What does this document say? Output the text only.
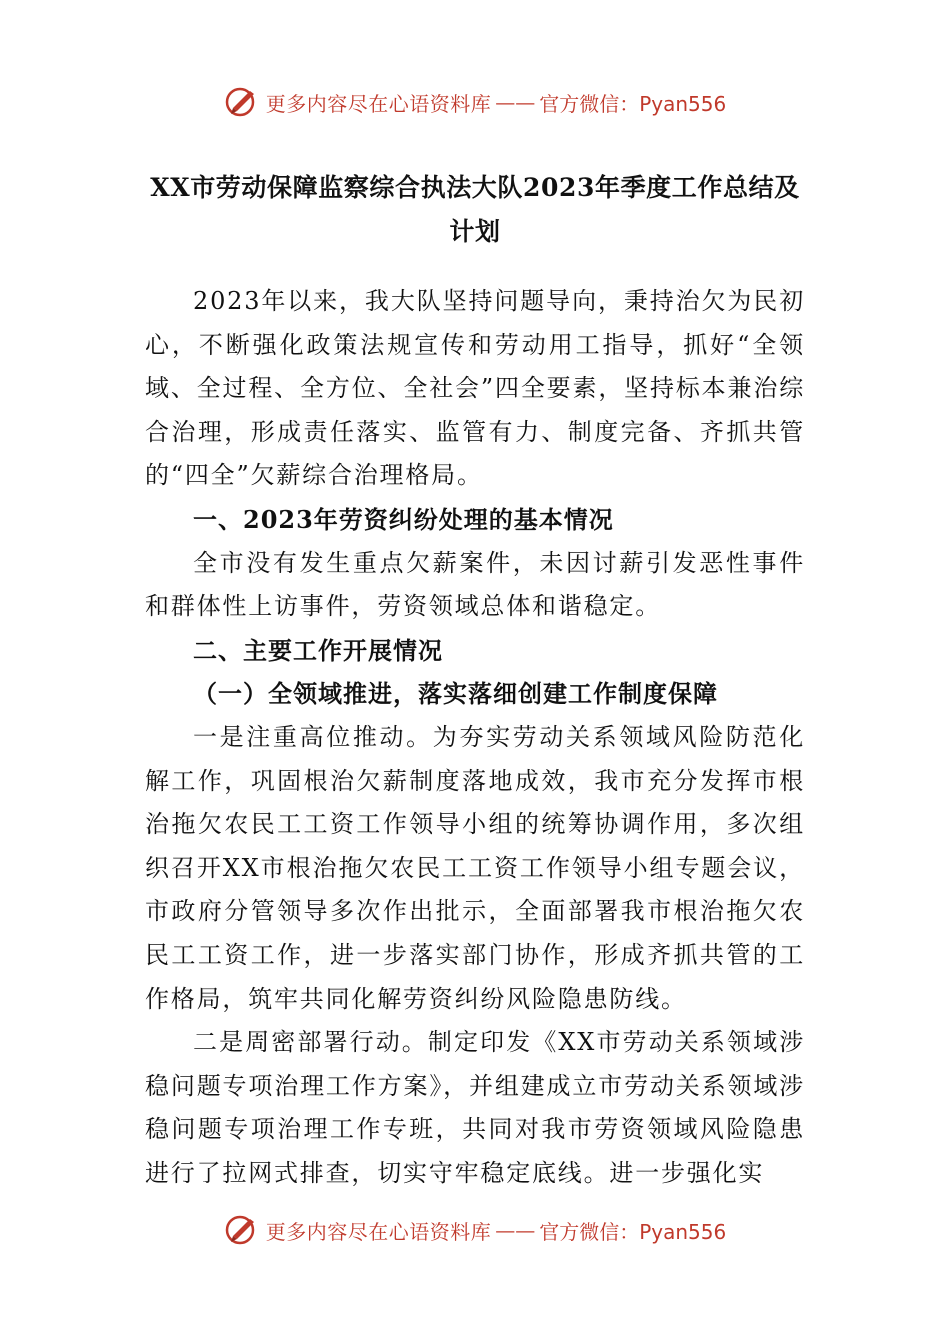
更多内容尽在心语资料库 —— 官方微信：Pyan556
XX市劳动保障监察综合执法大队2023年季度工作总结及计划

2023年以来，我大队坚持问题导向，秉持治欠为民初心，不断强化政策法规宣传和劳动用工指导，抓好“全领域、全过程、全方位、全社会”四全要素，坚持标本兼治综合治理，形成责任落实、监管有力、制度完备、齐抓共管的“四全”欠薪综合治理格局。

一、2023年劳资纠纷处理的基本情况

全市没有发生重点欠薪案件，未因讨薪引发恶性事件和群体性上访事件，劳资领域总体和谐稳定。

二、主要工作开展情况

（一）全领域推进，落实落细创建工作制度保障

一是注重高位推动。为夯实劳动关系领域风险防范化解工作，巩固根治欠薪制度落地成效，我市充分发挥市根治拖欠农民工工资工作领导小组的统筹协调作用，多次组织召开XX市根治拖欠农民工工资工作领导小组专题会议，市政府分管领导多次作出批示，全面部署我市根治拖欠农民工工资工作，进一步落实部门协作，形成齐抓共管的工作格局，筑牢共同化解劳资纠纷风险隐患防线。

二是周密部署行动。制定印发《XX市劳动关系领域涉稳问题专项治理工作方案》，并组建成立市劳动关系领域涉稳问题专项治理工作专班，共同对我市劳资领域风险隐患进行了拉网式排查，切实守牢稳定底线。进一步强化实

更多内容尽在心语资料库 —— 官方微信：Pyan556
